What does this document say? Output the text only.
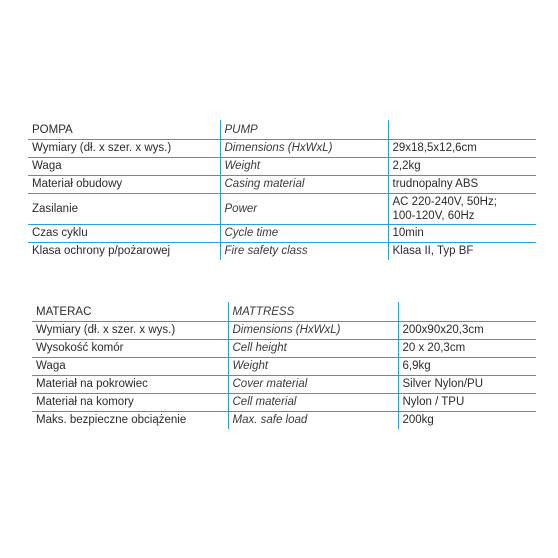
POMPA	PUMP	
Wymiary (dł. x szer. x wys.)	Dimensions (HxWxL)	29x18,5x12,6cm
Waga	Weight	2,2kg
Materiał obudowy	Casing material	trudnopalny ABS
Zasilanie	Power	AC 220-240V, 50Hz;
100-120V, 60Hz

Czas cyklu	Cycle time	10min
Klasa ochrony p/pożarowej	Fire safety class	Klasa II, Typ BF
MATERAC	MATTRESS	
Wymiary (dł. x szer. x wys.)	Dimensions (HxWxL)	200x90x20,3cm
Wysokość komór	Cell height	20 x 20,3cm
Waga	Weight	6,9kg
Materiał na pokrowiec	Cover material	Silver Nylon/PU
Materiał na komory	Cell material	Nylon / TPU
Maks. bezpieczne obciążenie	Max. safe load	200kg
